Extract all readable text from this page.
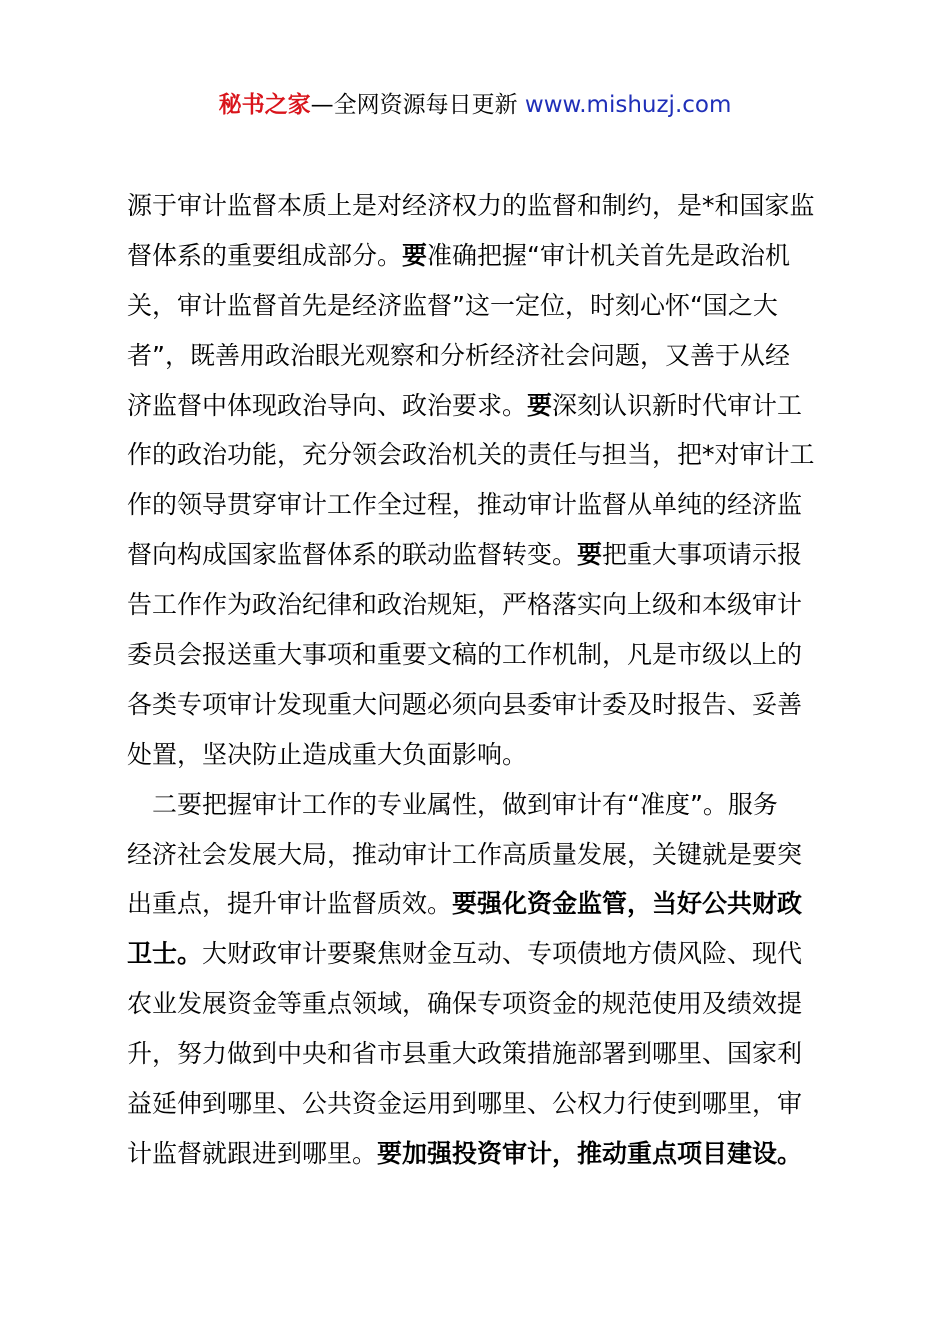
秘书之家—全网资源每日更新 www.mishuzj.com
源于审计监督本质上是对经济权力的监督和制约，是*和国家监
督体系的重要组成部分。要准确把握“审计机关首先是政治机
关，审计监督首先是经济监督”这一定位，时刻心怀“国之大
者”，既善用政治眼光观察和分析经济社会问题，又善于从经
济监督中体现政治导向、政治要求。要深刻认识新时代审计工
作的政治功能，充分领会政治机关的责任与担当，把*对审计工
作的领导贯穿审计工作全过程，推动审计监督从单纯的经济监
督向构成国家监督体系的联动监督转变。要把重大事项请示报
告工作作为政治纪律和政治规矩，严格落实向上级和本级审计
委员会报送重大事项和重要文稿的工作机制，凡是市级以上的
各类专项审计发现重大问题必须向县委审计委及时报告、妥善
处置，坚决防止造成重大负面影响。
　二要把握审计工作的专业属性，做到审计有“准度”。服务
经济社会发展大局，推动审计工作高质量发展，关键就是要突
出重点，提升审计监督质效。要强化资金监管，当好公共财政
卫士。大财政审计要聚焦财金互动、专项债地方债风险、现代
农业发展资金等重点领域，确保专项资金的规范使用及绩效提
升，努力做到中央和省市县重大政策措施部署到哪里、国家利
益延伸到哪里、公共资金运用到哪里、公权力行使到哪里，审
计监督就跟进到哪里。要加强投资审计，推动重点项目建设。
